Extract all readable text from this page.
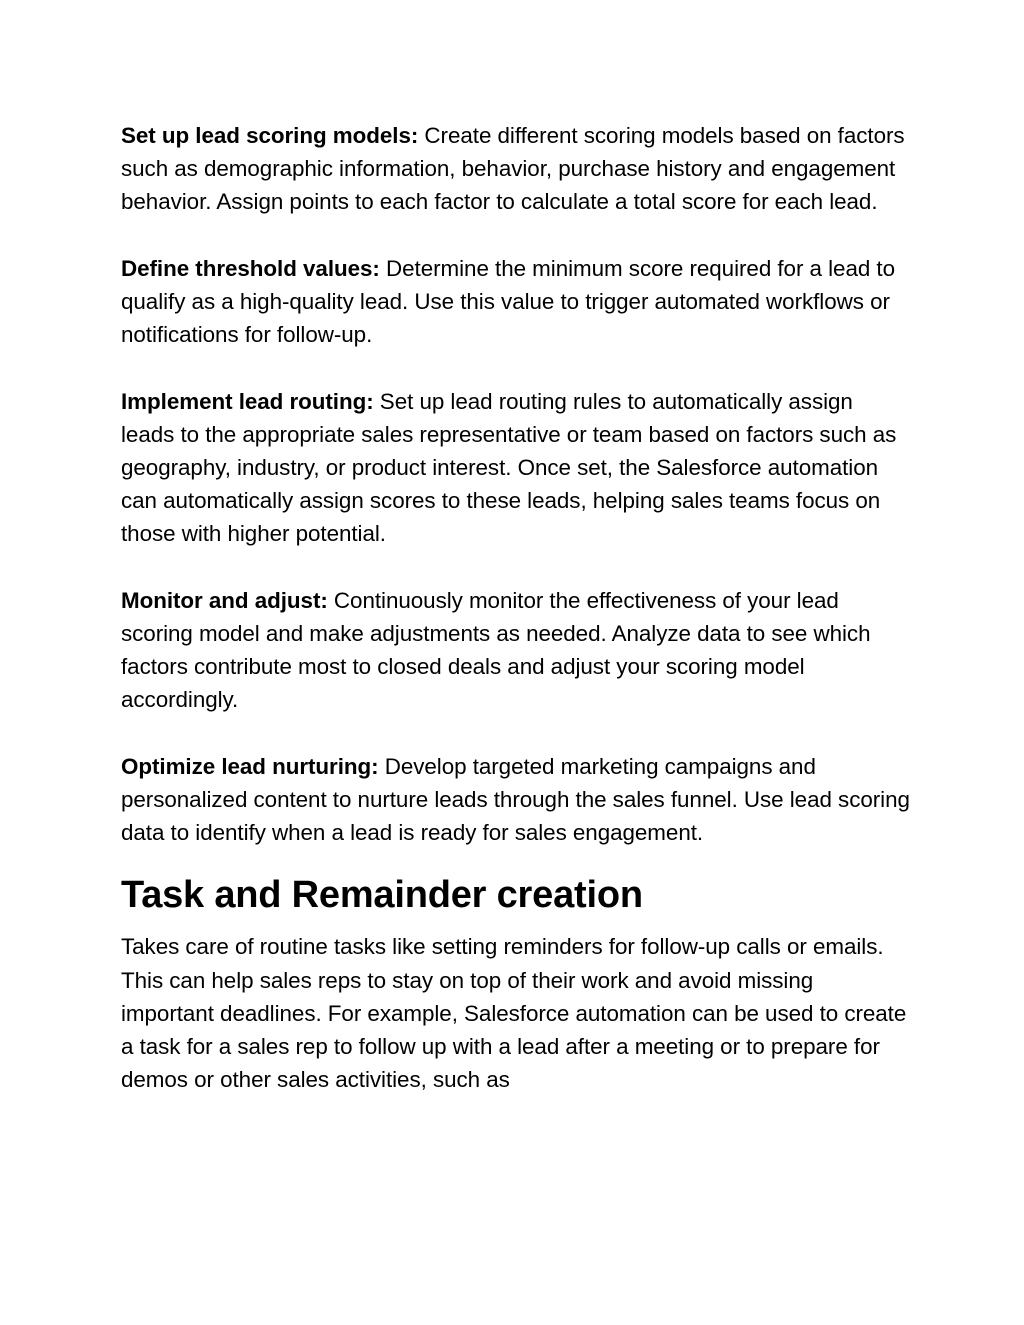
Set up lead scoring models: Create different scoring models based on factors such as demographic information, behavior, purchase history and engagement behavior. Assign points to each factor to calculate a total score for each lead.

Define threshold values: Determine the minimum score required for a lead to qualify as a high-quality lead. Use this value to trigger automated workflows or notifications for follow-up.

Implement lead routing: Set up lead routing rules to automatically assign leads to the appropriate sales representative or team based on factors such as geography, industry, or product interest. Once set, the Salesforce automation can automatically assign scores to these leads, helping sales teams focus on those with higher potential.

Monitor and adjust: Continuously monitor the effectiveness of your lead scoring model and make adjustments as needed. Analyze data to see which factors contribute most to closed deals and adjust your scoring model accordingly.

Optimize lead nurturing: Develop targeted marketing campaigns and personalized content to nurture leads through the sales funnel. Use lead scoring data to identify when a lead is ready for sales engagement.

Task and Remainder creation

Takes care of routine tasks like setting reminders for follow-up calls or emails. This can help sales reps to stay on top of their work and avoid missing important deadlines. For example, Salesforce automation can be used to create a task for a sales rep to follow up with a lead after a meeting or to prepare for demos or other sales activities, such as
